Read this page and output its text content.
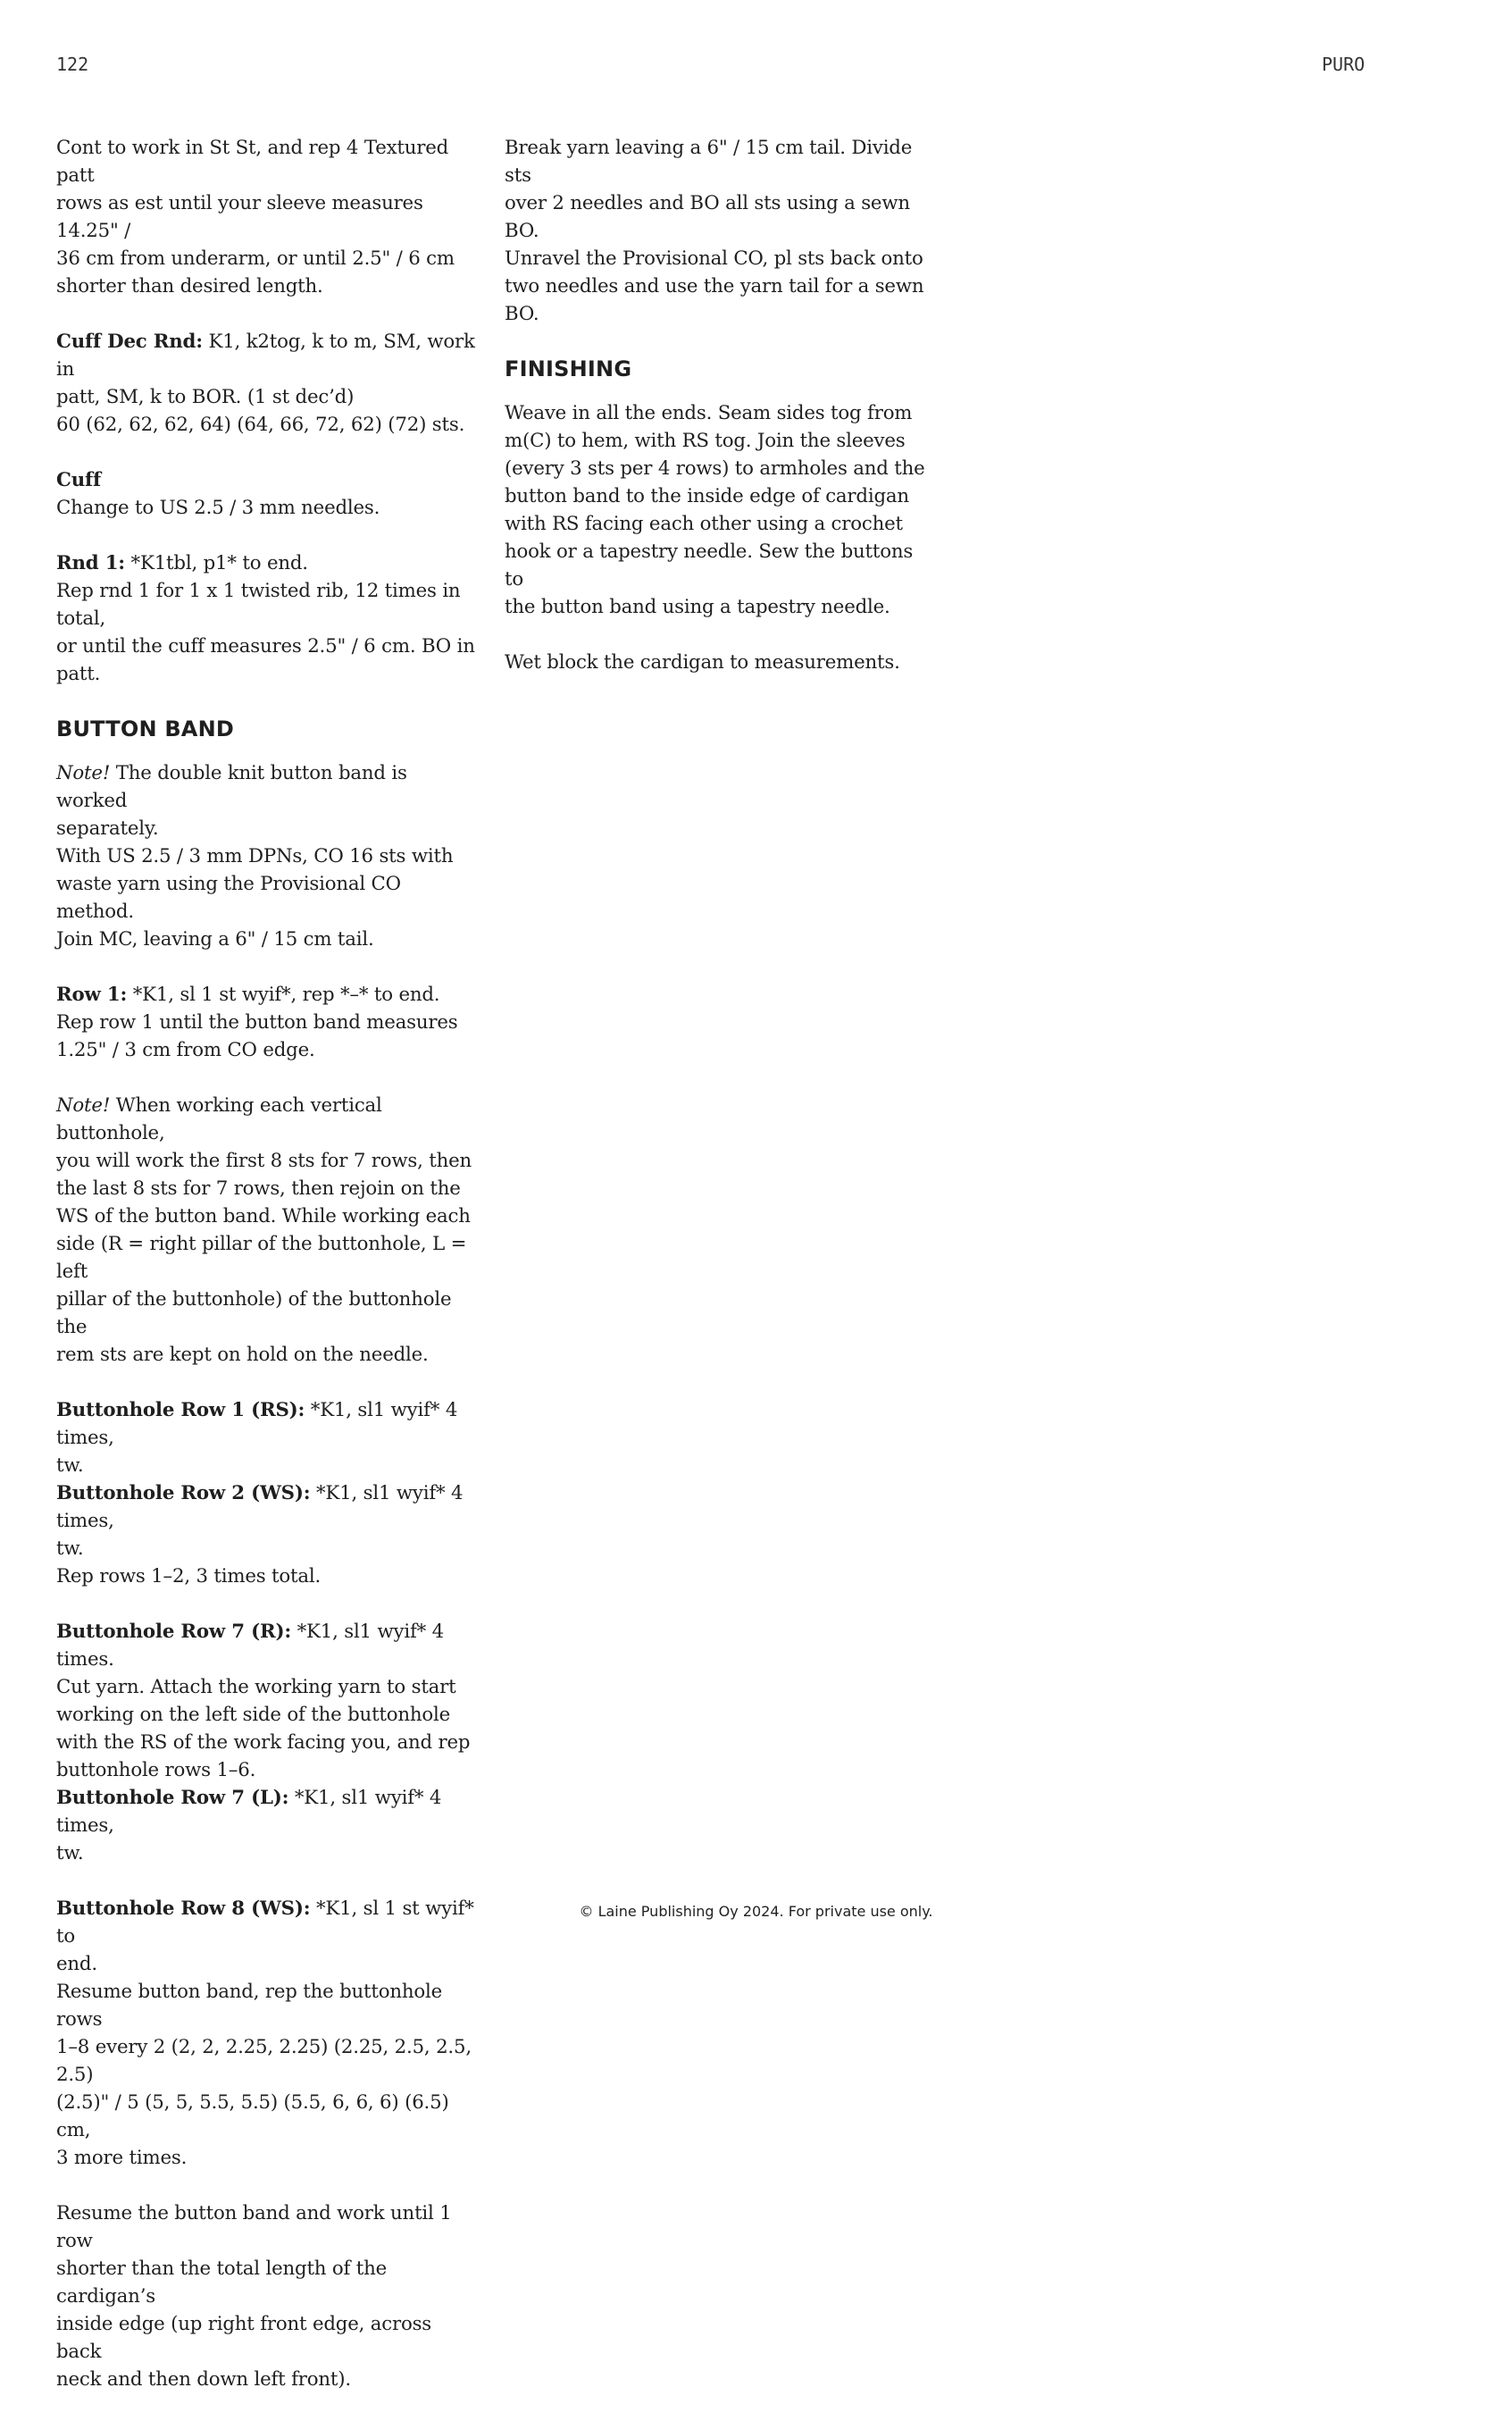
122	PURO

Cont to work in St St, and rep 4 Textured patt
rows as est until your sleeve measures 14.25" /
36 cm from underarm, or until 2.5" / 6 cm
shorter than desired length.

Cuff Dec Rnd: K1, k2tog, k to m, SM, work in
patt, SM, k to BOR. (1 st dec’d)
60 (62, 62, 62, 64) (64, 66, 72, 62) (72) sts.

Cuff
Change to US 2.5 / 3 mm needles.

Rnd 1: *K1tbl, p1* to end.
Rep rnd 1 for 1 x 1 twisted rib, 12 times in total,
or until the cuff measures 2.5" / 6 cm. BO in
patt.

BUTTON BAND

Note! The double knit button band is worked
separately.
With US 2.5 / 3 mm DPNs, CO 16 sts with
waste yarn using the Provisional CO method.
Join MC, leaving a 6" / 15 cm tail.

Row 1: *K1, sl 1 st wyif*, rep *–* to end.
Rep row 1 until the button band measures
1.25" / 3 cm from CO edge.

Note! When working each vertical buttonhole,
you will work the first 8 sts for 7 rows, then
the last 8 sts for 7 rows, then rejoin on the
WS of the button band. While working each
side (R = right pillar of the buttonhole, L = left
pillar of the buttonhole) of the buttonhole the
rem sts are kept on hold on the needle.

Buttonhole Row 1 (RS): *K1, sl1 wyif* 4 times,
tw.
Buttonhole Row 2 (WS): *K1, sl1 wyif* 4 times,
tw.
Rep rows 1–2, 3 times total.

Buttonhole Row 7 (R): *K1, sl1 wyif* 4 times.
Cut yarn. Attach the working yarn to start
working on the left side of the buttonhole
with the RS of the work facing you, and rep
buttonhole rows 1–6.
Buttonhole Row 7 (L): *K1, sl1 wyif* 4 times,
tw.

Buttonhole Row 8 (WS): *K1, sl 1 st wyif* to
end.
Resume button band, rep the buttonhole rows
1–8 every 2 (2, 2, 2.25, 2.25) (2.25, 2.5, 2.5, 2.5)
(2.5)" / 5 (5, 5, 5.5, 5.5) (5.5, 6, 6, 6) (6.5) cm,
3 more times.

Resume the button band and work until 1 row
shorter than the total length of the cardigan’s
inside edge (up right front edge, across back
neck and then down left front).

Break yarn leaving a 6" / 15 cm tail. Divide sts
over 2 needles and BO all sts using a sewn BO.
Unravel the Provisional CO, pl sts back onto
two needles and use the yarn tail for a sewn
BO.

FINISHING

Weave in all the ends. Seam sides tog from
m(C) to hem, with RS tog. Join the sleeves
(every 3 sts per 4 rows) to armholes and the
button band to the inside edge of cardigan
with RS facing each other using a crochet
hook or a tapestry needle. Sew the buttons to
the button band using a tapestry needle.

Wet block the cardigan to measurements.

© Laine Publishing Oy 2024. For private use only.
